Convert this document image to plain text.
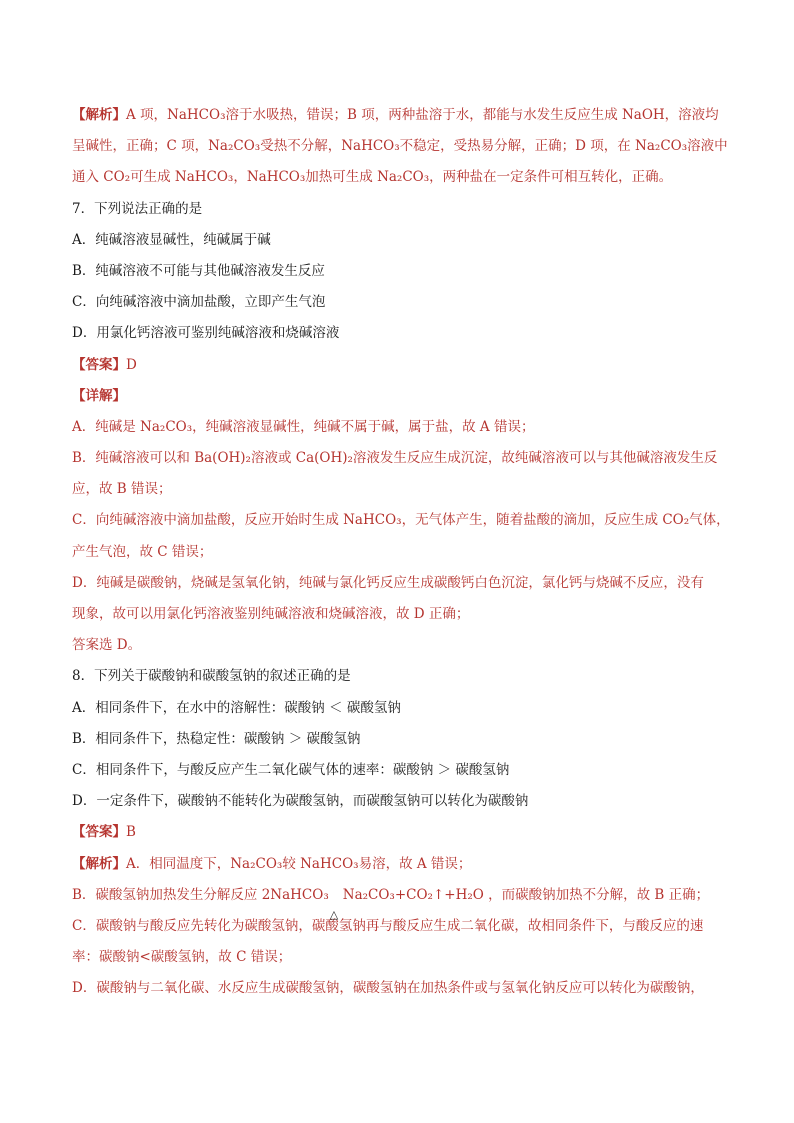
【解析】A 项，NaHCO₃溶于水吸热，错误；B 项，两种盐溶于水，都能与水发生反应生成 NaOH，溶液均
呈碱性，正确；C 项，Na₂CO₃受热不分解，NaHCO₃不稳定，受热易分解，正确；D 项，在 Na₂CO₃溶液中
通入 CO₂可生成 NaHCO₃，NaHCO₃加热可生成 Na₂CO₃，两种盐在一定条件可相互转化，正确。
7．下列说法正确的是
A．纯碱溶液显碱性，纯碱属于碱
B．纯碱溶液不可能与其他碱溶液发生反应
C．向纯碱溶液中滴加盐酸，立即产生气泡
D．用氯化钙溶液可鉴别纯碱溶液和烧碱溶液
【答案】D
【详解】
A．纯碱是 Na₂CO₃，纯碱溶液显碱性，纯碱不属于碱，属于盐，故 A 错误；
B．纯碱溶液可以和 Ba(OH)₂溶液或 Ca(OH)₂溶液发生反应生成沉淀，故纯碱溶液可以与其他碱溶液发生反
应，故 B 错误；
C．向纯碱溶液中滴加盐酸，反应开始时生成 NaHCO₃，无气体产生，随着盐酸的滴加，反应生成 CO₂气体，
产生气泡，故 C 错误；
D．纯碱是碳酸钠，烧碱是氢氧化钠，纯碱与氯化钙反应生成碳酸钙白色沉淀，氯化钙与烧碱不反应，没有
现象，故可以用氯化钙溶液鉴别纯碱溶液和烧碱溶液，故 D 正确；
答案选 D。
8．下列关于碳酸钠和碳酸氢钠的叙述正确的是
A．相同条件下，在水中的溶解性：碳酸钠 ＜ 碳酸氢钠
B．相同条件下，热稳定性：碳酸钠 ＞ 碳酸氢钠
C．相同条件下，与酸反应产生二氧化碳气体的速率：碳酸钠 ＞ 碳酸氢钠
D．一定条件下，碳酸钠不能转化为碳酸氢钠，而碳酸氢钠可以转化为碳酸钠
【答案】B
【解析】A．相同温度下，Na₂CO₃较 NaHCO₃易溶，故 A 错误；
B．碳酸氢钠加热发生分解反应 2NaHCO₃
△
Na₂CO₃+CO₂↑+H₂O ，而碳酸钠加热不分解，故 B 正确；
C．碳酸钠与酸反应先转化为碳酸氢钠，碳酸氢钠再与酸反应生成二氧化碳，故相同条件下，与酸反应的速
率：碳酸钠<碳酸氢钠，故 C 错误；
D．碳酸钠与二氧化碳、水反应生成碳酸氢钠，碳酸氢钠在加热条件或与氢氧化钠反应可以转化为碳酸钠，
